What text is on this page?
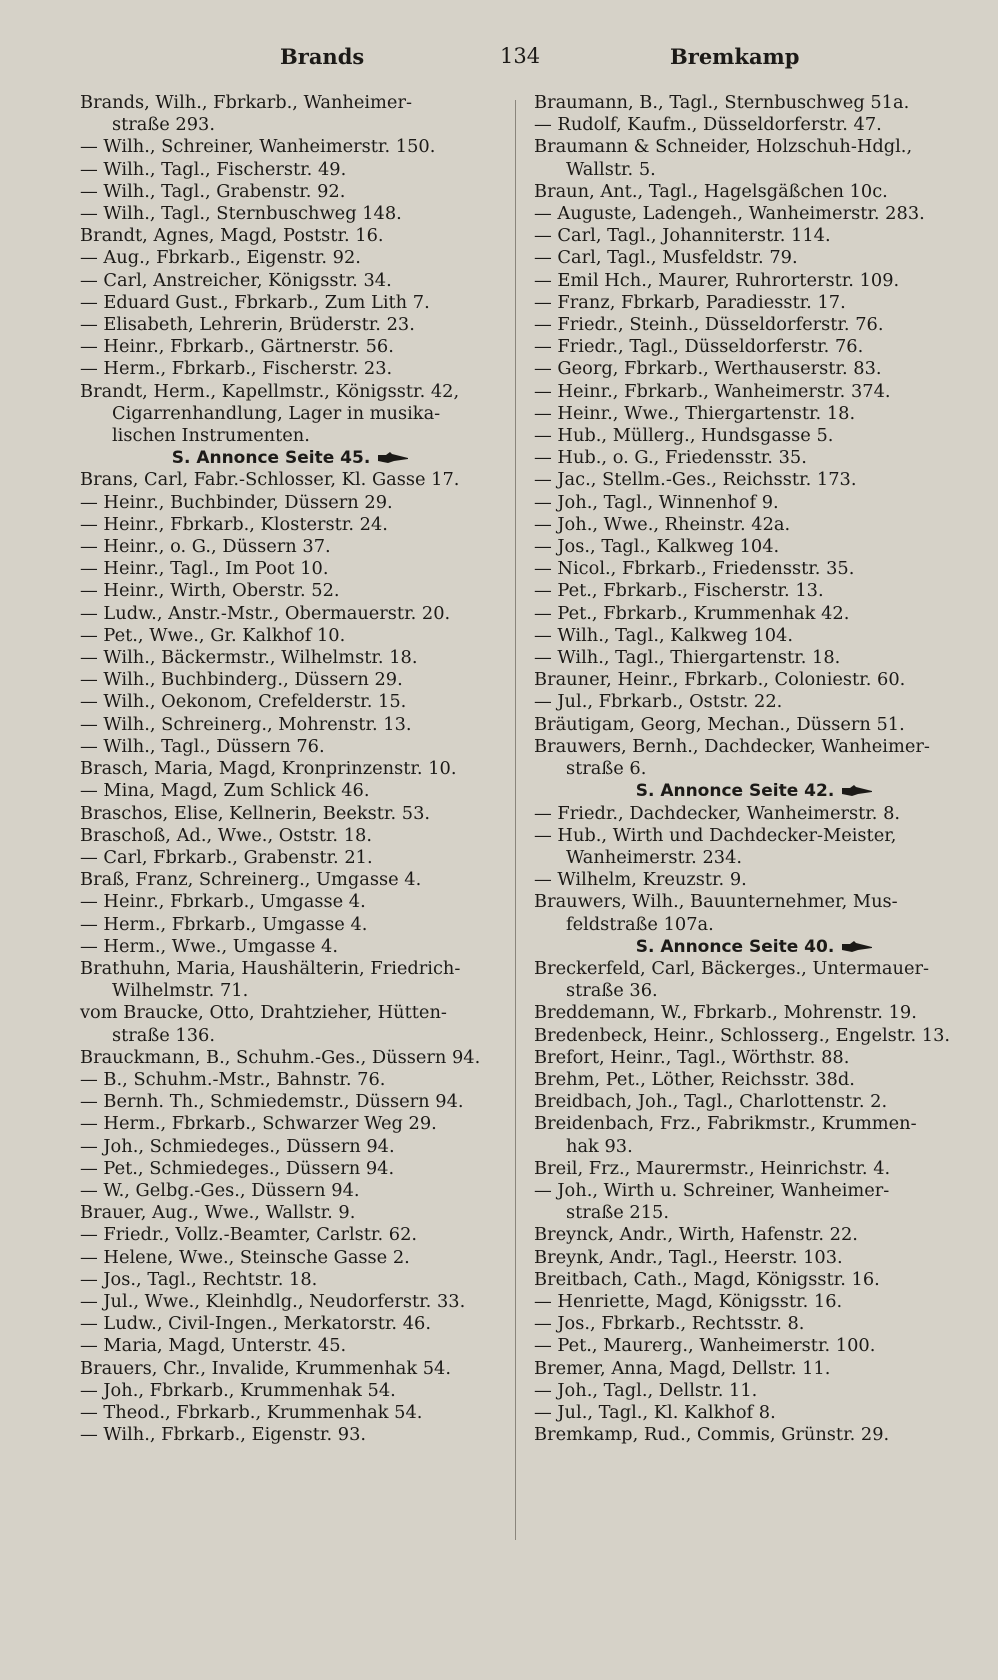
Brands	134	Bremkamp
Brands, Wilh., Fbrkarb., Wanheimer-
straße 293.
— Wilh., Schreiner, Wanheimerstr. 150.
— Wilh., Tagl., Fischerstr. 49.
— Wilh., Tagl., Grabenstr. 92.
— Wilh., Tagl., Sternbuschweg 148.
Brandt, Agnes, Magd, Poststr. 16.
— Aug., Fbrkarb., Eigenstr. 92.
— Carl, Anstreicher, Königsstr. 34.
— Eduard Gust., Fbrkarb., Zum Lith 7.
— Elisabeth, Lehrerin, Brüderstr. 23.
— Heinr., Fbrkarb., Gärtnerstr. 56.
— Herm., Fbrkarb., Fischerstr. 23.
Brandt, Herm., Kapellmstr., Königsstr. 42,
Cigarrenhandlung, Lager in musika-
lischen Instrumenten.
S. Annonce Seite 45.
Brans, Carl, Fabr.-Schlosser, Kl. Gasse 17.
— Heinr., Buchbinder, Düssern 29.
— Heinr., Fbrkarb., Klosterstr. 24.
— Heinr., o. G., Düssern 37.
— Heinr., Tagl., Im Poot 10.
— Heinr., Wirth, Oberstr. 52.
— Ludw., Anstr.-Mstr., Obermauerstr. 20.
— Pet., Wwe., Gr. Kalkhof 10.
— Wilh., Bäckermstr., Wilhelmstr. 18.
— Wilh., Buchbinderg., Düssern 29.
— Wilh., Oekonom, Crefelderstr. 15.
— Wilh., Schreinerg., Mohrenstr. 13.
— Wilh., Tagl., Düssern 76.
Brasch, Maria, Magd, Kronprinzenstr. 10.
— Mina, Magd, Zum Schlick 46.
Braschos, Elise, Kellnerin, Beekstr. 53.
Braschoß, Ad., Wwe., Oststr. 18.
— Carl, Fbrkarb., Grabenstr. 21.
Braß, Franz, Schreinerg., Umgasse 4.
— Heinr., Fbrkarb., Umgasse 4.
— Herm., Fbrkarb., Umgasse 4.
— Herm., Wwe., Umgasse 4.
Brathuhn, Maria, Haushälterin, Friedrich-
Wilhelmstr. 71.
vom Braucke, Otto, Drahtzieher, Hütten-
straße 136.
Brauckmann, B., Schuhm.-Ges., Düssern 94.
— B., Schuhm.-Mstr., Bahnstr. 76.
— Bernh. Th., Schmiedemstr., Düssern 94.
— Herm., Fbrkarb., Schwarzer Weg 29.
— Joh., Schmiedeges., Düssern 94.
— Pet., Schmiedeges., Düssern 94.
— W., Gelbg.-Ges., Düssern 94.
Brauer, Aug., Wwe., Wallstr. 9.
— Friedr., Vollz.-Beamter, Carlstr. 62.
— Helene, Wwe., Steinsche Gasse 2.
— Jos., Tagl., Rechtstr. 18.
— Jul., Wwe., Kleinhdlg., Neudorferstr. 33.
— Ludw., Civil-Ingen., Merkatorstr. 46.
— Maria, Magd, Unterstr. 45.
Brauers, Chr., Invalide, Krummenhak 54.
— Joh., Fbrkarb., Krummenhak 54.
— Theod., Fbrkarb., Krummenhak 54.
— Wilh., Fbrkarb., Eigenstr. 93.
Braumann, B., Tagl., Sternbuschweg 51a.
— Rudolf, Kaufm., Düsseldorferstr. 47.
Braumann & Schneider, Holzschuh-Hdgl.,
Wallstr. 5.
Braun, Ant., Tagl., Hagelsgäßchen 10c.
— Auguste, Ladengeh., Wanheimerstr. 283.
— Carl, Tagl., Johanniterstr. 114.
— Carl, Tagl., Musfeldstr. 79.
— Emil Hch., Maurer, Ruhrorterstr. 109.
— Franz, Fbrkarb, Paradiesstr. 17.
— Friedr., Steinh., Düsseldorferstr. 76.
— Friedr., Tagl., Düsseldorferstr. 76.
— Georg, Fbrkarb., Werthauserstr. 83.
— Heinr., Fbrkarb., Wanheimerstr. 374.
— Heinr., Wwe., Thiergartenstr. 18.
— Hub., Müllerg., Hundsgasse 5.
— Hub., o. G., Friedensstr. 35.
— Jac., Stellm.-Ges., Reichsstr. 173.
— Joh., Tagl., Winnenhof 9.
— Joh., Wwe., Rheinstr. 42a.
— Jos., Tagl., Kalkweg 104.
— Nicol., Fbrkarb., Friedensstr. 35.
— Pet., Fbrkarb., Fischerstr. 13.
— Pet., Fbrkarb., Krummenhak 42.
— Wilh., Tagl., Kalkweg 104.
— Wilh., Tagl., Thiergartenstr. 18.
Brauner, Heinr., Fbrkarb., Coloniestr. 60.
— Jul., Fbrkarb., Oststr. 22.
Bräutigam, Georg, Mechan., Düssern 51.
Brauwers, Bernh., Dachdecker, Wanheimer-
straße 6.
S. Annonce Seite 42.
— Friedr., Dachdecker, Wanheimerstr. 8.
— Hub., Wirth und Dachdecker-Meister,
Wanheimerstr. 234.
— Wilhelm, Kreuzstr. 9.
Brauwers, Wilh., Bauunternehmer, Mus-
feldstraße 107a.
S. Annonce Seite 40.
Breckerfeld, Carl, Bäckerges., Untermauer-
straße 36.
Breddemann, W., Fbrkarb., Mohrenstr. 19.
Bredenbeck, Heinr., Schlosserg., Engelstr. 13.
Brefort, Heinr., Tagl., Wörthstr. 88.
Brehm, Pet., Löther, Reichsstr. 38d.
Breidbach, Joh., Tagl., Charlottenstr. 2.
Breidenbach, Frz., Fabrikmstr., Krummen-
hak 93.
Breil, Frz., Maurermstr., Heinrichstr. 4.
— Joh., Wirth u. Schreiner, Wanheimer-
straße 215.
Breynck, Andr., Wirth, Hafenstr. 22.
Breynk, Andr., Tagl., Heerstr. 103.
Breitbach, Cath., Magd, Königsstr. 16.
— Henriette, Magd, Königsstr. 16.
— Jos., Fbrkarb., Rechtsstr. 8.
— Pet., Maurerg., Wanheimerstr. 100.
Bremer, Anna, Magd, Dellstr. 11.
— Joh., Tagl., Dellstr. 11.
— Jul., Tagl., Kl. Kalkhof 8.
Bremkamp, Rud., Commis, Grünstr. 29.
